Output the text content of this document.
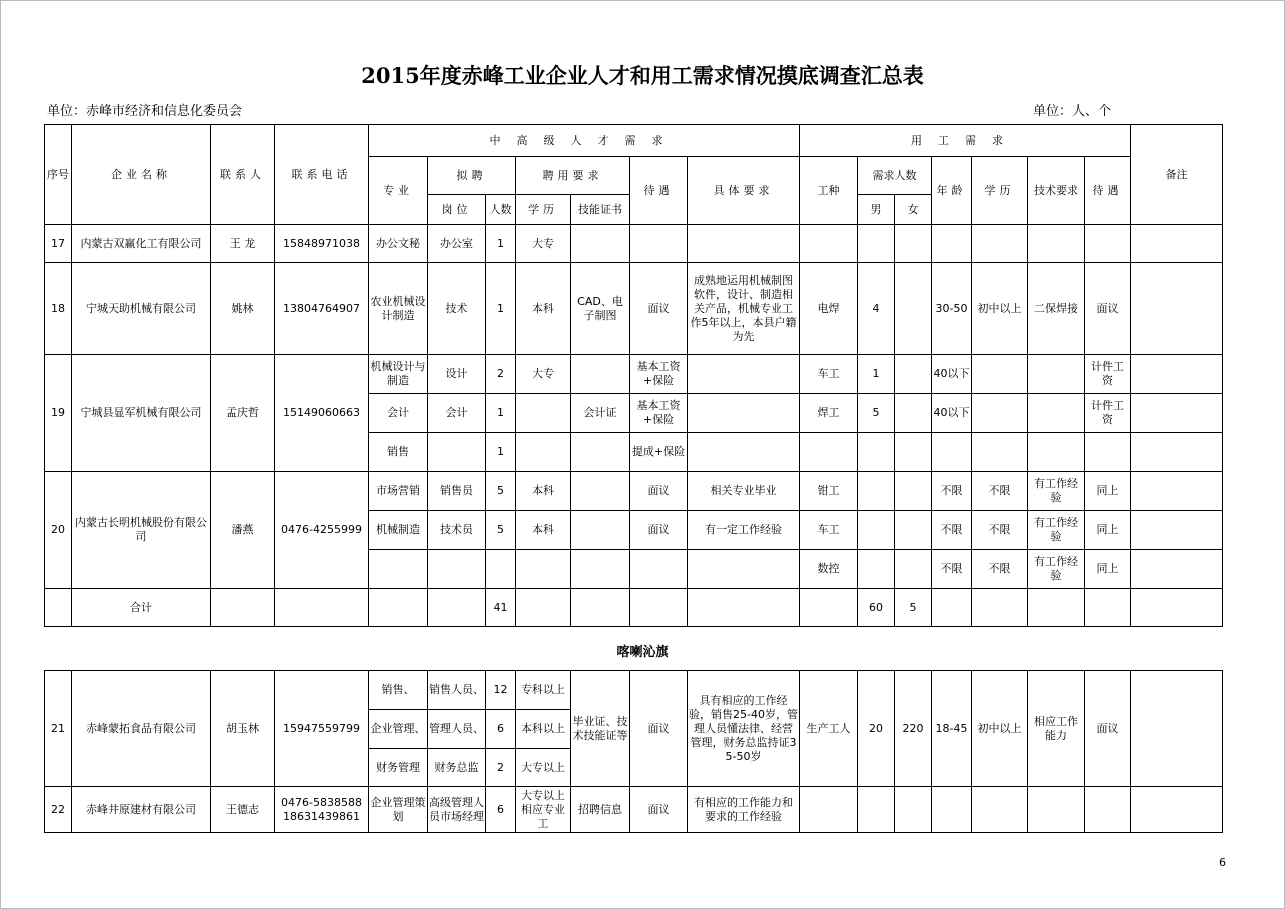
2015年度赤峰工业企业人才和用工需求情况摸底调查汇总表
单位：赤峰市经济和信息化委员会	单位：人、个
序号	企业名称	联系人	联系电话	中高级人才需求							用工需求							备注
				专业	拟聘		聘用要求		待遇	具体要求	工种	需求人数		年龄	学历	技术要求	待遇	
					岗位	人数	学历	技能证书				男	女					
17	内蒙古双赢化工有限公司	王 龙	15848971038	办公文秘	办公室	1	大专											
18	宁城天助机械有限公司	姚林	13804764907	农业机械设计制造	技术	1	本科	CAD、电子制图	面议	成熟地运用机械制图软件，设计、制造相关产品，机械专业工作5年以上，本县户籍为先	电焊	4		30-50	初中以上	二保焊接	面议	
19	宁城县显军机械有限公司	孟庆哲	15149060663	机械设计与制造	设计	2	大专		基本工资+保险		车工	1		40以下			计件工资	
				会计	会计	1		会计证	基本工资+保险		焊工	5		40以下			计件工资	
				销售		1			提成+保险									
20	内蒙古长明机械股份有限公司	潘燕	0476-4255999	市场营销	销售员	5	本科		面议	相关专业毕业	钳工			不限	不限	有工作经验	同上	
				机械制造	技术员	5	本科		面议	有一定工作经验	车工			不限	不限	有工作经验	同上	
											数控			不限	不限	有工作经验	同上	
	合计					41						60	5					
喀喇沁旗
21	赤峰蒙拓食品有限公司	胡玉林	15947559799	销售、	销售人员、	12	专科以上	毕业证、技术技能证等	面议	具有相应的工作经验，销售25-40岁，管理人员懂法律、经营管理，财务总监持证35-50岁	生产工人	20	220	18-45	初中以上	相应工作能力	面议	
				企业管理、	管理人员、	6	本科以上											
				财务管理	财务总监	2	大专以上											
22	赤峰井原建材有限公司	王德志	0476-5838588 18631439861	企业管理策划	高级管理人员市场经理	6	大专以上相应专业工	招聘信息	面议	有相应的工作能力和要求的工作经验								
6
